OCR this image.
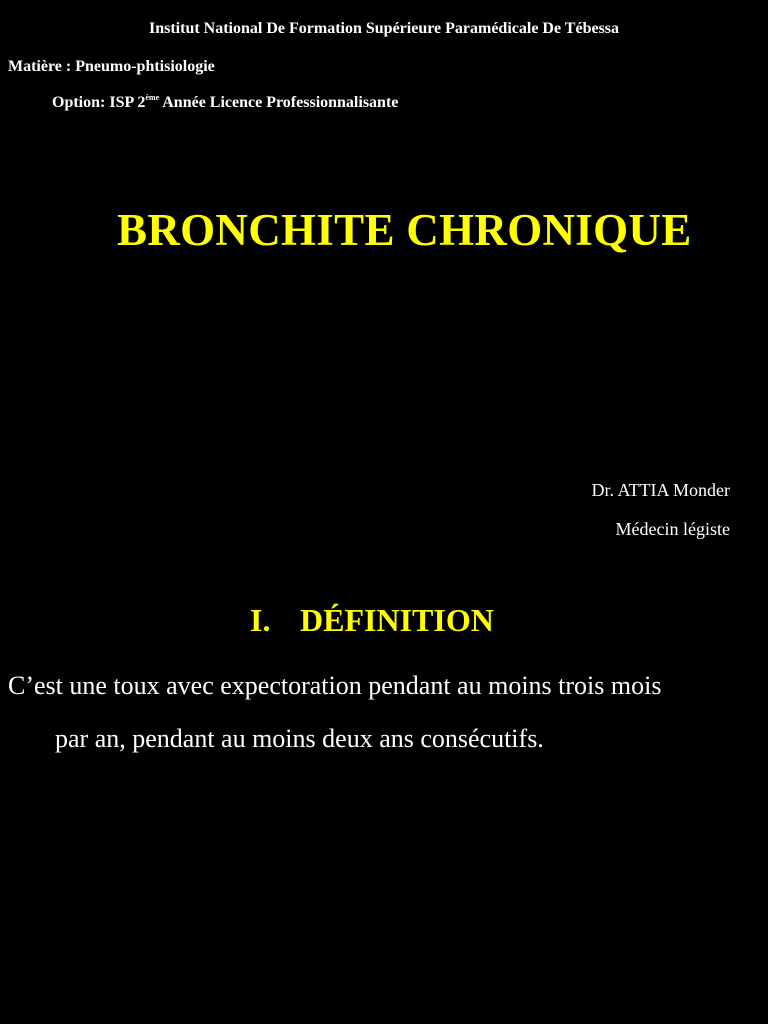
Institut National De Formation Supérieure Paramédicale De Tébessa
Matière : Pneumo-phtisiologie
Option: ISP 2ème Année Licence Professionnalisante
BRONCHITE CHRONIQUE
Dr. ATTIA Monder
Médecin légiste
I. DÉFINITION
C’est une toux avec expectoration pendant au moins trois mois
par an, pendant au moins deux ans consécutifs.
